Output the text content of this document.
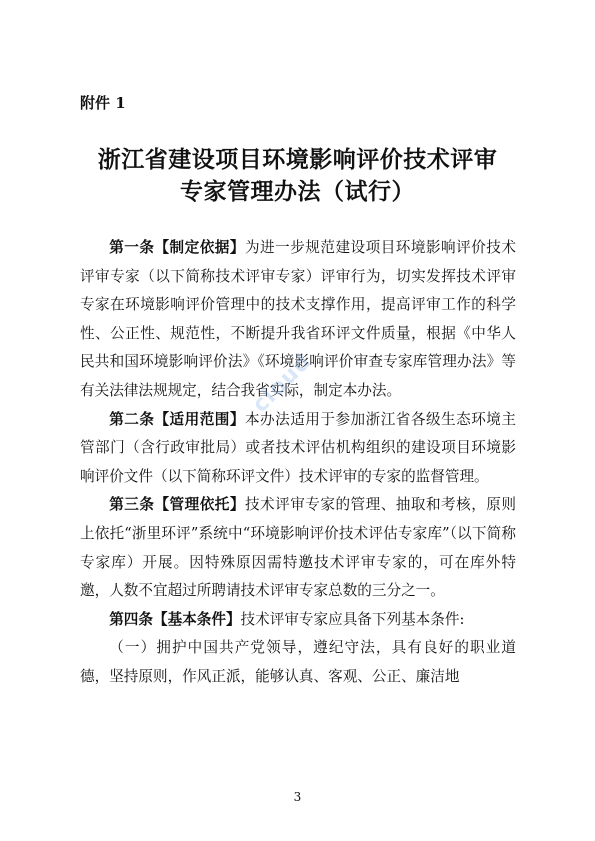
附件 1
浙江省建设项目环境影响评价技术评审
专家管理办法（试行）

第一条【制定依据】为进一步规范建设项目环境影响评价技术评审专家（以下简称技术评审专家）评审行为，切实发挥技术评审专家在环境影响评价管理中的技术支撑作用，提高评审工作的科学性、公正性、规范性，不断提升我省环评文件质量，根据《中华人民共和国环境影响评价法》《环境影响评价审查专家库管理办法》等有关法律法规规定，结合我省实际，制定本办法。

第二条【适用范围】本办法适用于参加浙江省各级生态环境主管部门（含行政审批局）或者技术评估机构组织的建设项目环境影响评价文件（以下简称环评文件）技术评审的专家的监督管理。

第三条【管理依托】技术评审专家的管理、抽取和考核，原则上依托“浙里环评”系统中“环境影响评价技术评估专家库”（以下简称专家库）开展。因特殊原因需特邀技术评审专家的，可在库外特邀，人数不宜超过所聘请技术评审专家总数的三分之一。

第四条【基本条件】技术评审专家应具备下列基本条件:

（一）拥护中国共产党领导，遵纪守法，具有良好的职业道德，坚持原则，作风正派，能够认真、客观、公正、廉洁地

cloud
3
